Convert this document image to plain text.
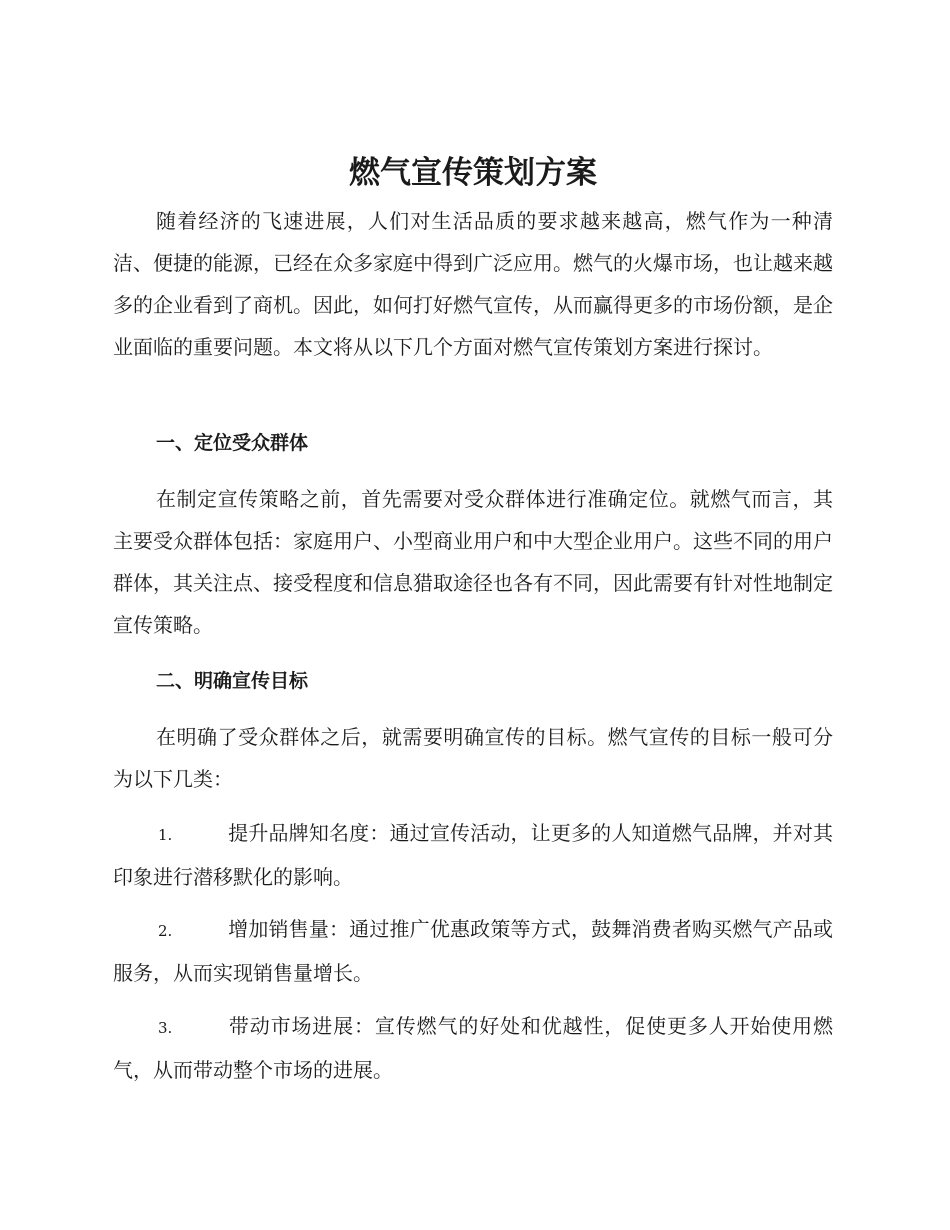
燃气宣传策划方案

随着经济的飞速进展，人们对生活品质的要求越来越高，燃气作为一种清洁、便捷的能源，已经在众多家庭中得到广泛应用。燃气的火爆市场，也让越来越多的企业看到了商机。因此，如何打好燃气宣传，从而赢得更多的市场份额，是企业面临的重要问题。本文将从以下几个方面对燃气宣传策划方案进行探讨。

一、定位受众群体

在制定宣传策略之前，首先需要对受众群体进行准确定位。就燃气而言，其主要受众群体包括：家庭用户、小型商业用户和中大型企业用户。这些不同的用户群体，其关注点、接受程度和信息猎取途径也各有不同，因此需要有针对性地制定宣传策略。

二、明确宣传目标

在明确了受众群体之后，就需要明确宣传的目标。燃气宣传的目标一般可分为以下几类：

1.	提升品牌知名度：通过宣传活动，让更多的人知道燃气品牌，并对其印象进行潜移默化的影响。

2.	增加销售量：通过推广优惠政策等方式，鼓舞消费者购买燃气产品或服务，从而实现销售量增长。

3.	带动市场进展：宣传燃气的好处和优越性，促使更多人开始使用燃气，从而带动整个市场的进展。
